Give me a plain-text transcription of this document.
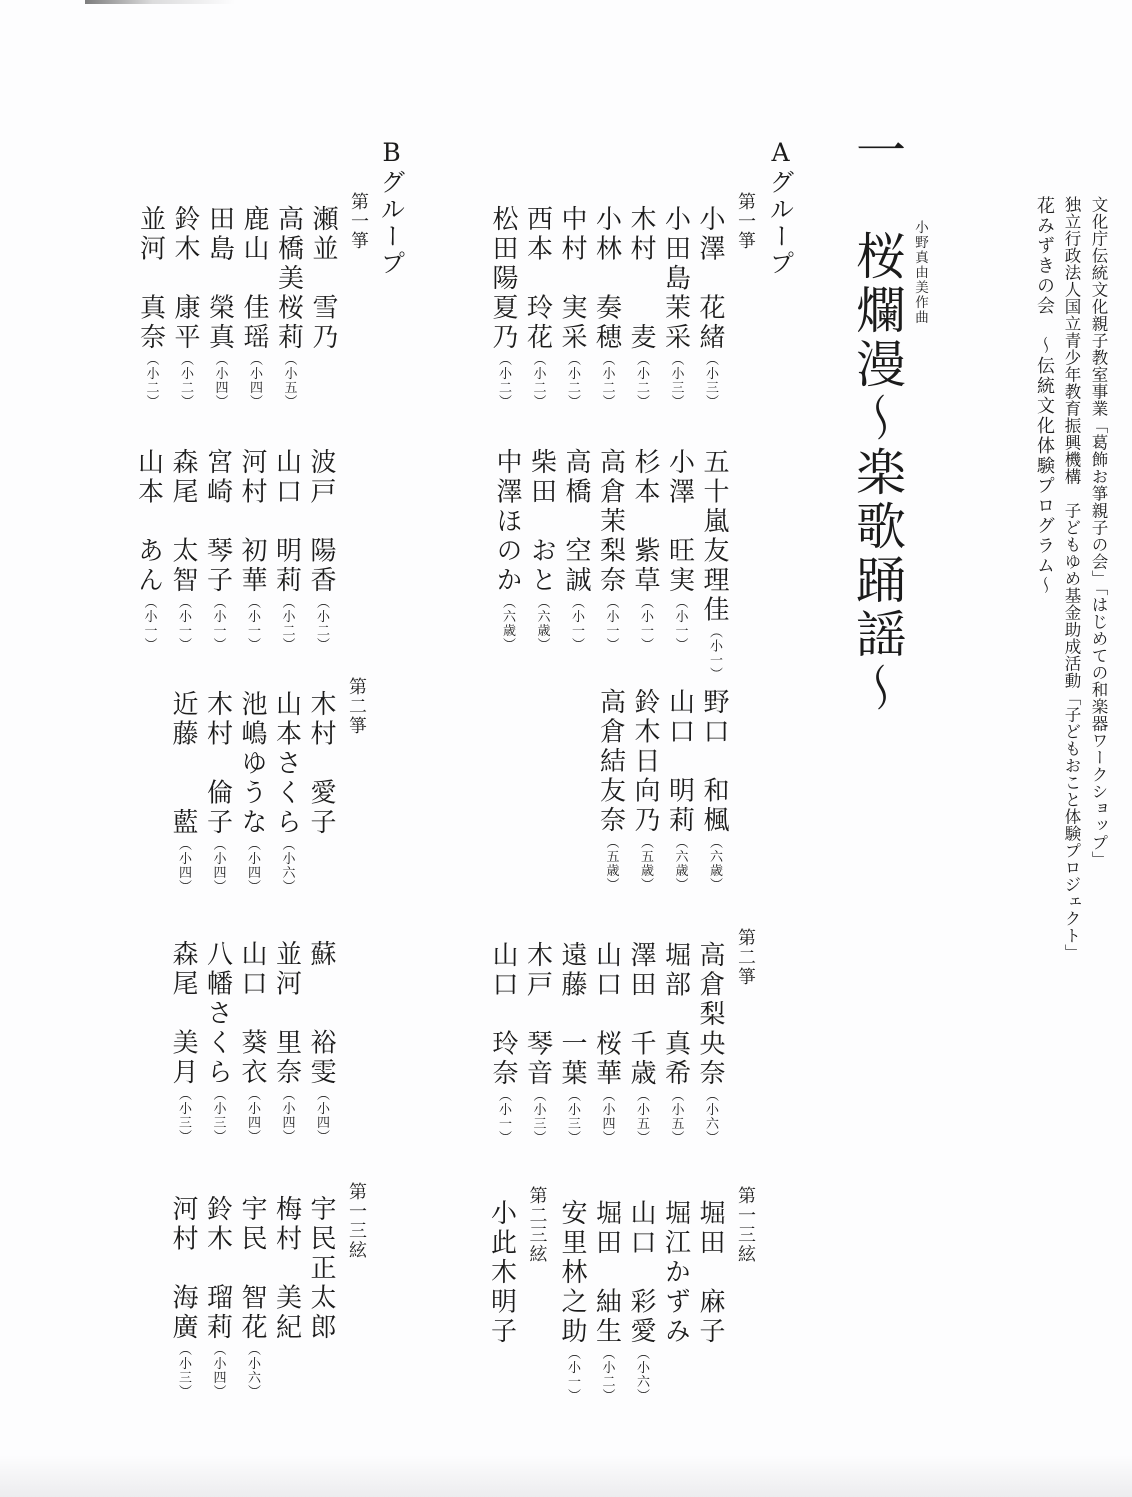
文化庁伝統文化親子教室事業「葛飾お箏親子の会」「はじめての和楽器ワークショップ」
独立行政法人国立青少年教育振興機構　子どもゆめ基金助成活動「子どもおこと体験プロジェクト」
花みずきの会　～伝統文化体験プログラム～
小野真由美作曲
一桜爛漫～楽歌踊謡～
Aグループ
第一箏
小澤　花緒（小三）
小田島茉采（小三）
木村　　麦（小二）
小林　奏穂（小二）
中村　実采（小二）
西本　玲花（小二）
松田陽夏乃（小二）
五十嵐友理佳（小一）
小澤　旺実（小一）
杉本　紫草（小一）
高倉茉梨奈（小一）
高橋　空誠（小一）
柴田　おと（六歳）
中澤ほのか（六歳）
野口　和楓（六歳）
山口　明莉（六歳）
鈴木日向乃（五歳）
高倉結友奈（五歳）
第二箏
高倉梨央奈（小六）
堀部　真希（小五）
澤田　千歳（小五）
山口　桜華（小四）
遠藤　一葉（小三）
木戸　琴音（小三）
山口　玲奈（小一）
第一三絃
堀田　麻子
堀江かずみ
山口　彩愛（小六）
堀田　紬生（小二）
安里林之助（小一）
第二三絃
小此木明子
Bグループ
第一箏
瀬並　雪乃
高橋美桜莉（小五）
鹿山　佳瑶（小四）
田島　榮真（小四）
鈴木　康平（小二）
並河　真奈（小二）
波戸　陽香（小二）
山口　明莉（小二）
河村　初華（小一）
宮崎　琴子（小一）
森尾　太智（小一）
山本　あん（小一）
第二箏
木村　愛子
山本さくら（小六）
池嶋ゆうな（小四）
木村　倫子（小四）
近藤　　藍（小四）
蘇　　裕雯（小四）
並河　里奈（小四）
山口　葵衣（小四）
八幡さくら（小三）
森尾　美月（小三）
第一三絃
宇民正太郎
梅村　美紀
宇民　智花（小六）
鈴木　瑠莉（小四）
河村　海廣（小三）
